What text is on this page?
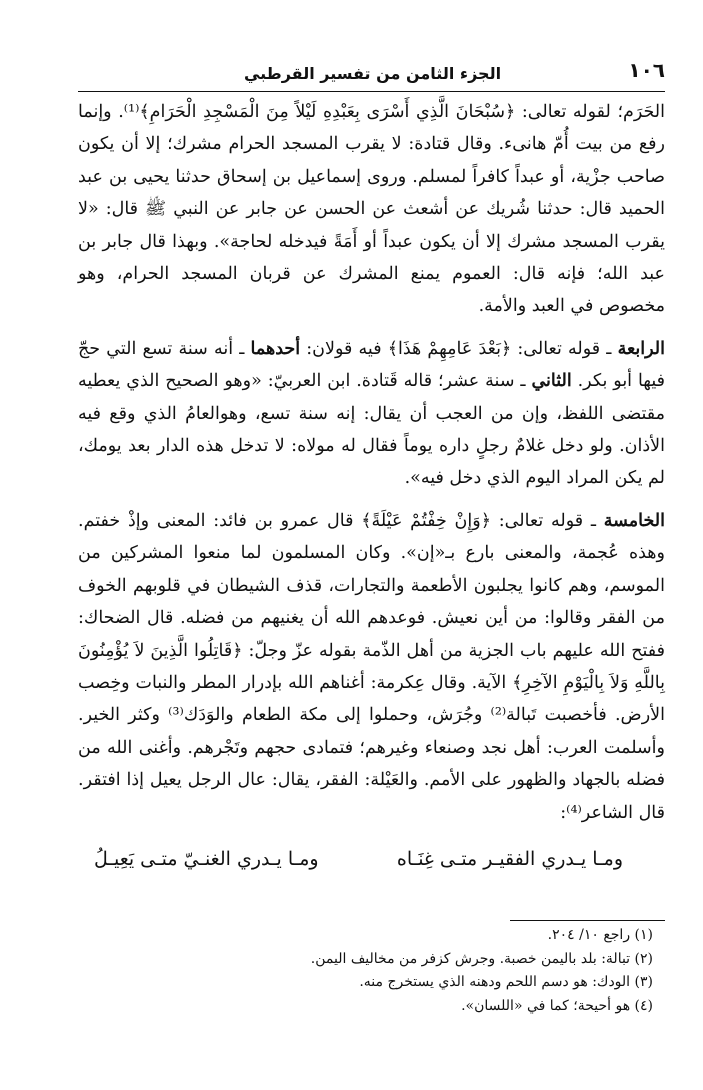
١٠٦
الجزء الثامن من تفسير القرطبي

الحَرَم؛ لقوله تعالى: ﴿سُبْحَانَ الَّذِي أَسْرَى بِعَبْدِهِ لَيْلاً مِنَ الْمَسْجِدِ الْحَرَامِ﴾⁽¹⁾. وإنما رفع من بيت أُمّ هانىء. وقال قتادة: لا يقرب المسجد الحرام مشرك؛ إلا أن يكون صاحب جزْية، أو عبداً كافراً لمسلم. وروى إسماعيل بن إسحاق حدثنا يحيى بن عبد الحميد قال: حدثنا شُريك عن أشعث عن الحسن عن جابر عن النبي ﷺ قال: «لا يقرب المسجد مشرك إلا أن يكون عبداً أو أَمَةً فيدخله لحاجة». وبهذا قال جابر بن عبد الله؛ فإنه قال: العموم يمنع المشرك عن قربان المسجد الحرام، وهو مخصوص في العبد والأمة.

الرابعة ـ قوله تعالى: ﴿بَعْدَ عَامِهِمْ هَذَا﴾ فيه قولان: أحدهما ـ أنه سنة تسع التي حجّ فيها أبو بكر. الثاني ـ سنة عشر؛ قاله قَتادة. ابن العربيّ: «وهو الصحيح الذي يعطيه مقتضى اللفظ، وإن من العجب أن يقال: إنه سنة تسع، وهوالعامُ الذي وقع فيه الأذان. ولو دخل غلامٌ رجلٍ داره يوماً فقال له مولاه: لا تدخل هذه الدار بعد يومك، لم يكن المراد اليوم الذي دخل فيه».

الخامسة ـ قوله تعالى: ﴿وَإِنْ خِفْتُمْ عَيْلَةً﴾ قال عمرو بن فائد: المعنى وإذْ خفتم. وهذه عُجمة، والمعنى بارع بـ«إن». وكان المسلمون لما منعوا المشركين من الموسم، وهم كانوا يجلبون الأطعمة والتجارات، قذف الشيطان في قلوبهم الخوف من الفقر وقالوا: من أين نعيش. فوعدهم الله أن يغنيهم من فضله. قال الضحاك: ففتح الله عليهم باب الجزية من أهل الذّمة بقوله عزّ وجلّ: ﴿قَاتِلُوا الَّذِينَ لاَ يُؤْمِنُونَ بِاللَّهِ وَلاَ بِالْيَوْمِ الآخِرِ﴾ الآية. وقال عِكرمة: أغناهم الله بإدرار المطر والنبات وخِصب الأرض. فأخصبت تَبالة⁽²⁾ وجُرَش، وحملوا إلى مكة الطعام والوَدَك⁽³⁾ وكثر الخير. وأسلمت العرب: أهل نجد وصنعاء وغيرهم؛ فتمادى حجهم وتَجْرهم. وأغنى الله من فضله بالجهاد والظهور على الأمم. والعَيْلة: الفقر، يقال: عال الرجل يعيل إذا افتقر. قال الشاعر⁽⁴⁾:

ومـا يـدري الفقيـر متـى غِنَـاه
ومـا يـدري الغنـيّ متـى يَعِيـلُ

(١) راجع ١٠/ ٢٠٤.
(٢) تبالة: بلد باليمن خصبة. وجرش كزفر من مخاليف اليمن.
(٣) الودك: هو دسم اللحم ودهنه الذي يستخرج منه.
(٤) هو أحيحة؛ كما في «اللسان».
